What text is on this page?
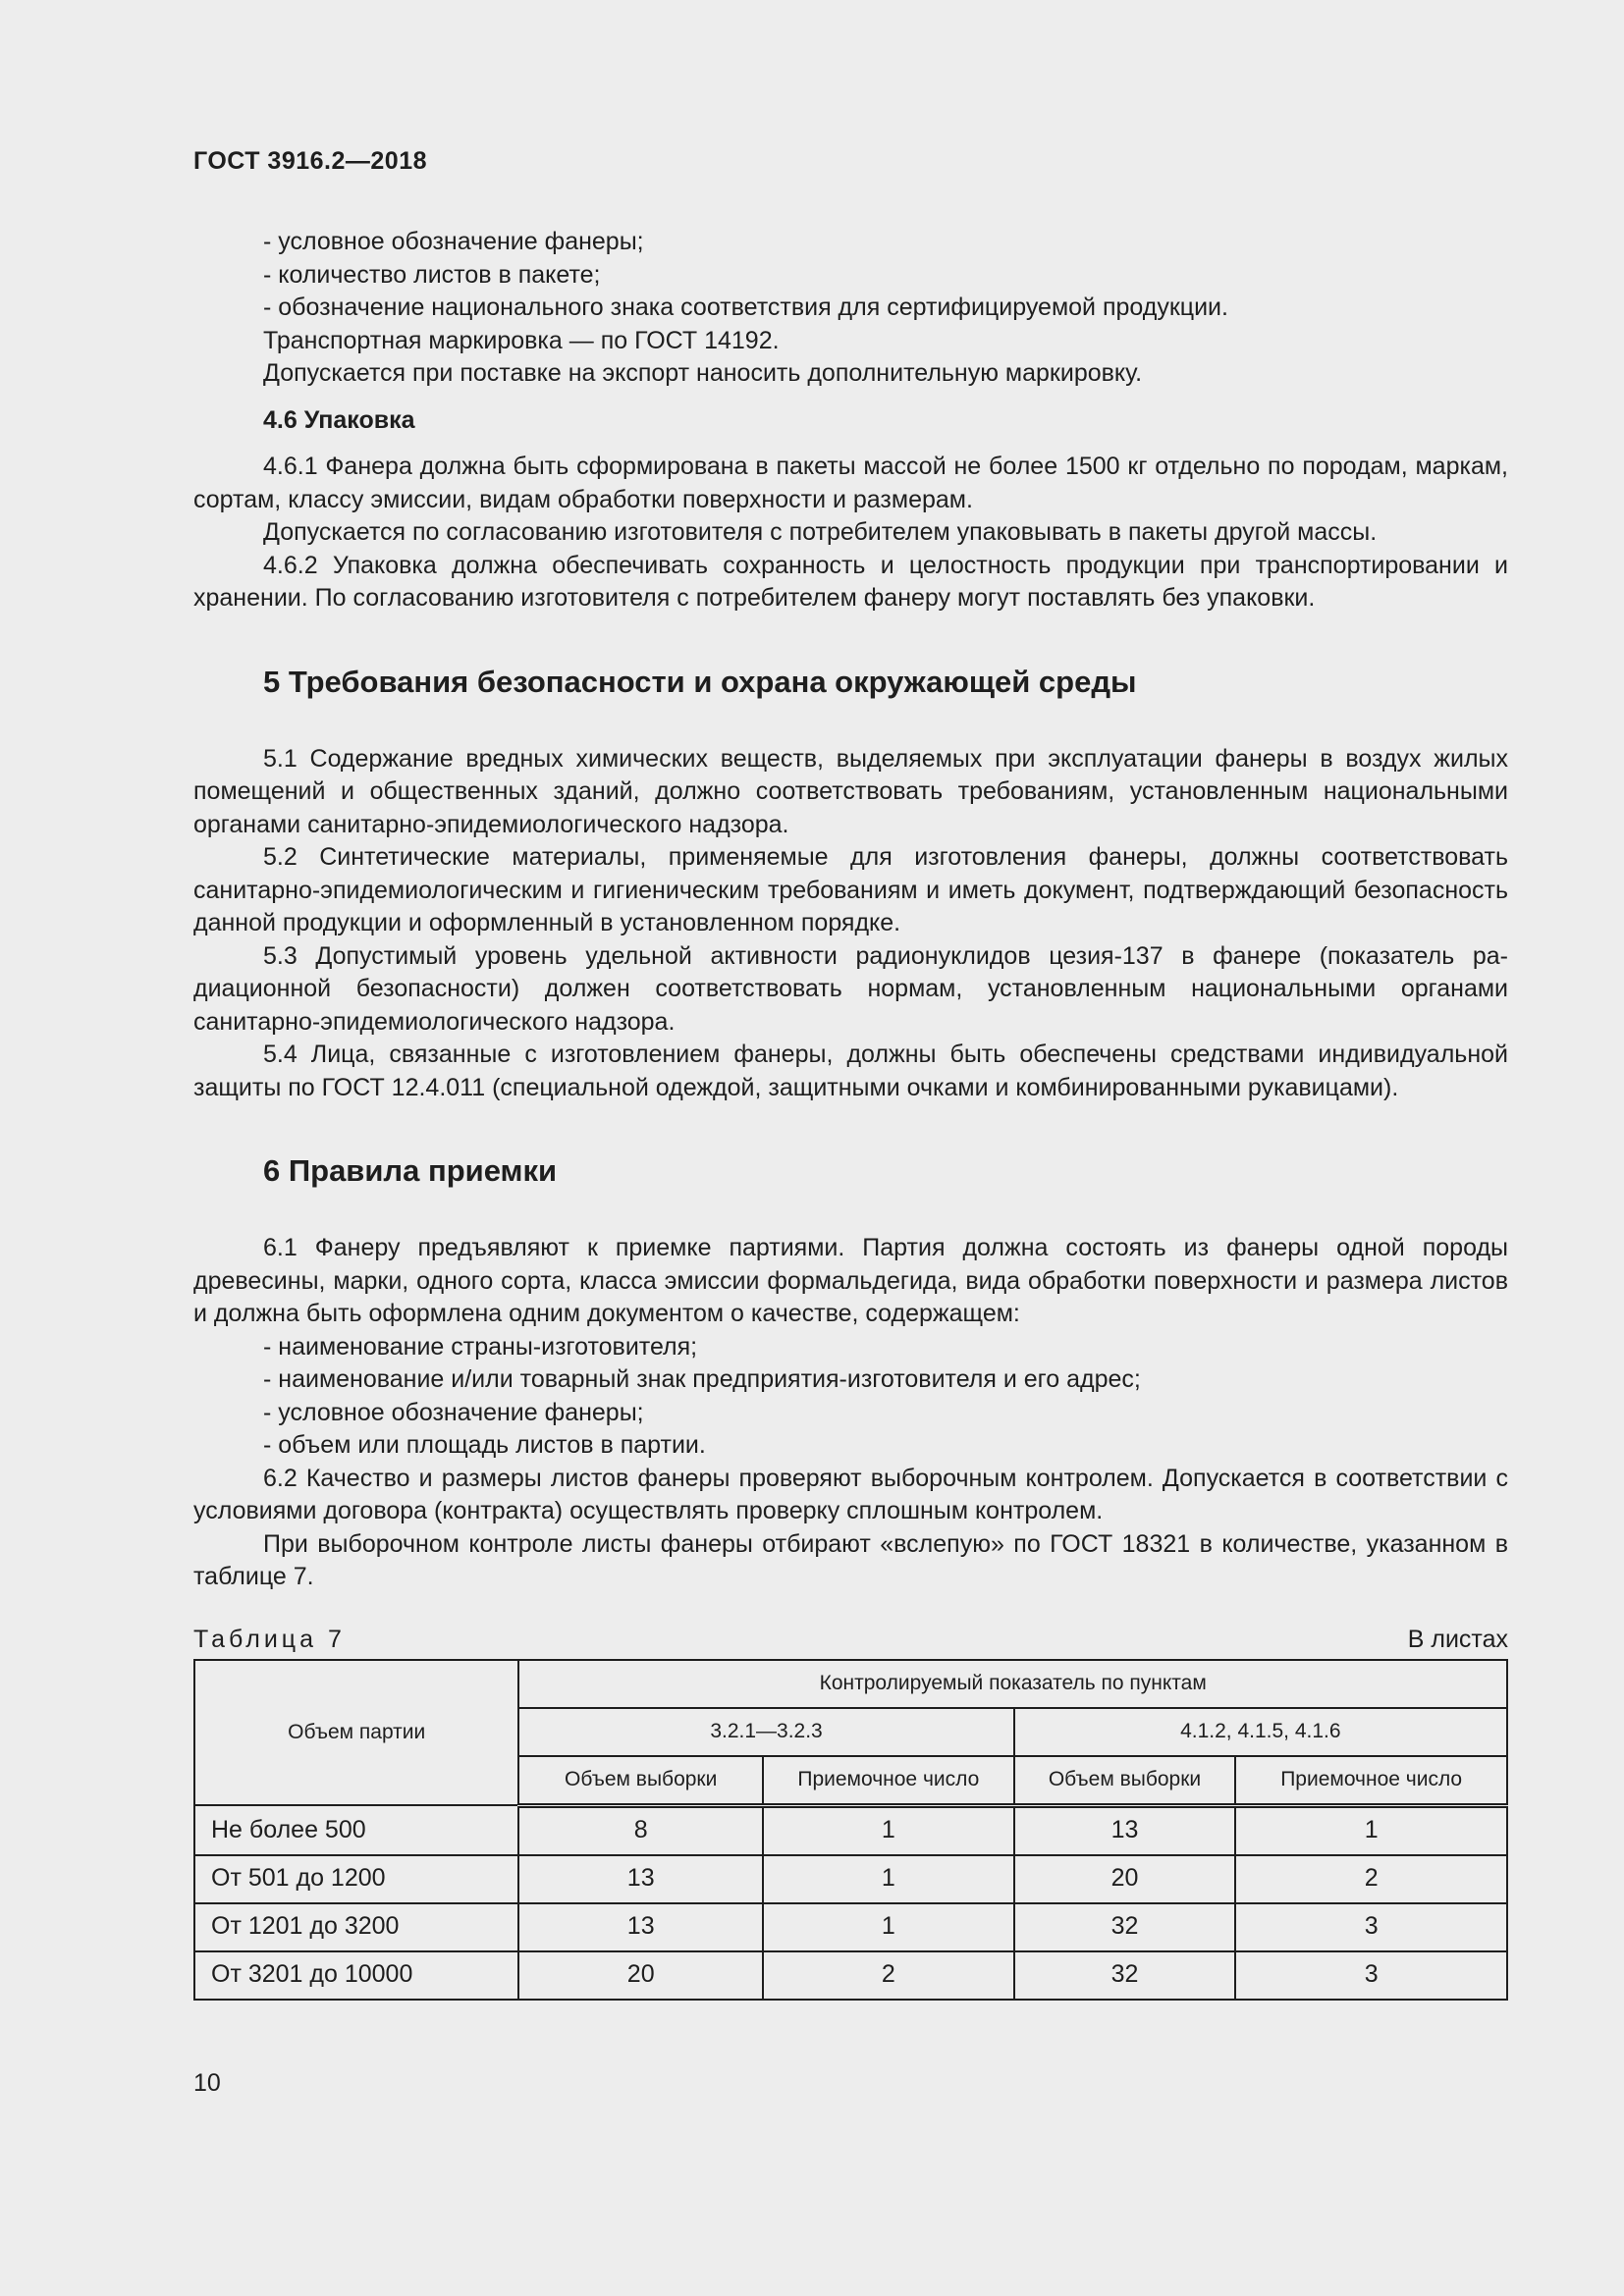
ГОСТ 3916.2—2018

- условное обозначение фанеры;

- количество листов в пакете;

- обозначение национального знака соответствия для сертифицируемой продукции.

Транспортная маркировка — по ГОСТ 14192.

Допускается при поставке на экспорт наносить дополнительную маркировку.

4.6 Упаковка

4.6.1 Фанера должна быть сформирована в пакеты массой не более 1500 кг отдельно по породам, маркам, сортам, классу эмиссии, видам обработки поверхности и размерам.

Допускается по согласованию изготовителя с потребителем упаковывать в пакеты другой массы.

4.6.2 Упаковка должна обеспечивать сохранность и целостность продукции при транспортировании и хранении. По согласованию изготовителя с потребителем фанеру могут поставлять без упаковки.

5 Требования безопасности и охрана окружающей среды

5.1 Содержание вредных химических веществ, выделяемых при эксплуатации фанеры в воздух жилых помещений и общественных зданий, должно соответствовать требованиям, установленным национальными органами санитарно-эпидемиологического надзора.

5.2 Синтетические материалы, применяемые для изготовления фанеры, должны соответствовать санитарно-эпидемиологическим и гигиеническим требованиям и иметь документ, подтверждающий безопасность данной продукции и оформленный в установленном порядке.

5.3 Допустимый уровень удельной активности радионуклидов цезия-137 в фанере (показатель радиационной безопасности) должен соответствовать нормам, установленным национальными органами санитарно-эпидемиологического надзора.

5.4 Лица, связанные с изготовлением фанеры, должны быть обеспечены средствами индивидуальной защиты по ГОСТ 12.4.011 (специальной одеждой, защитными очками и комбинированными рукавицами).

6 Правила приемки

6.1 Фанеру предъявляют к приемке партиями. Партия должна состоять из фанеры одной породы древесины, марки, одного сорта, класса эмиссии формальдегида, вида обработки поверхности и размера листов и должна быть оформлена одним документом о качестве, содержащем:

- наименование страны-изготовителя;

- наименование и/или товарный знак предприятия-изготовителя и его адрес;

- условное обозначение фанеры;

- объем или площадь листов в партии.

6.2 Качество и размеры листов фанеры проверяют выборочным контролем. Допускается в соответствии с условиями договора (контракта) осуществлять проверку сплошным контролем.

При выборочном контроле листы фанеры отбирают «вслепую» по ГОСТ 18321 в количестве, указанном в таблице 7.

Таблица 7	В листах
Объем партии	Контролируемый показатель по пунктам			
	3.2.1—3.2.3		4.1.2, 4.1.5, 4.1.6	
	Объем выборки	Приемочное число	Объем выборки	Приемочное число
Не более 500	8	1	13	1
От 501 до 1200	13	1	20	2
От 1201 до 3200	13	1	32	3
От 3201 до 10000	20	2	32	3
10
